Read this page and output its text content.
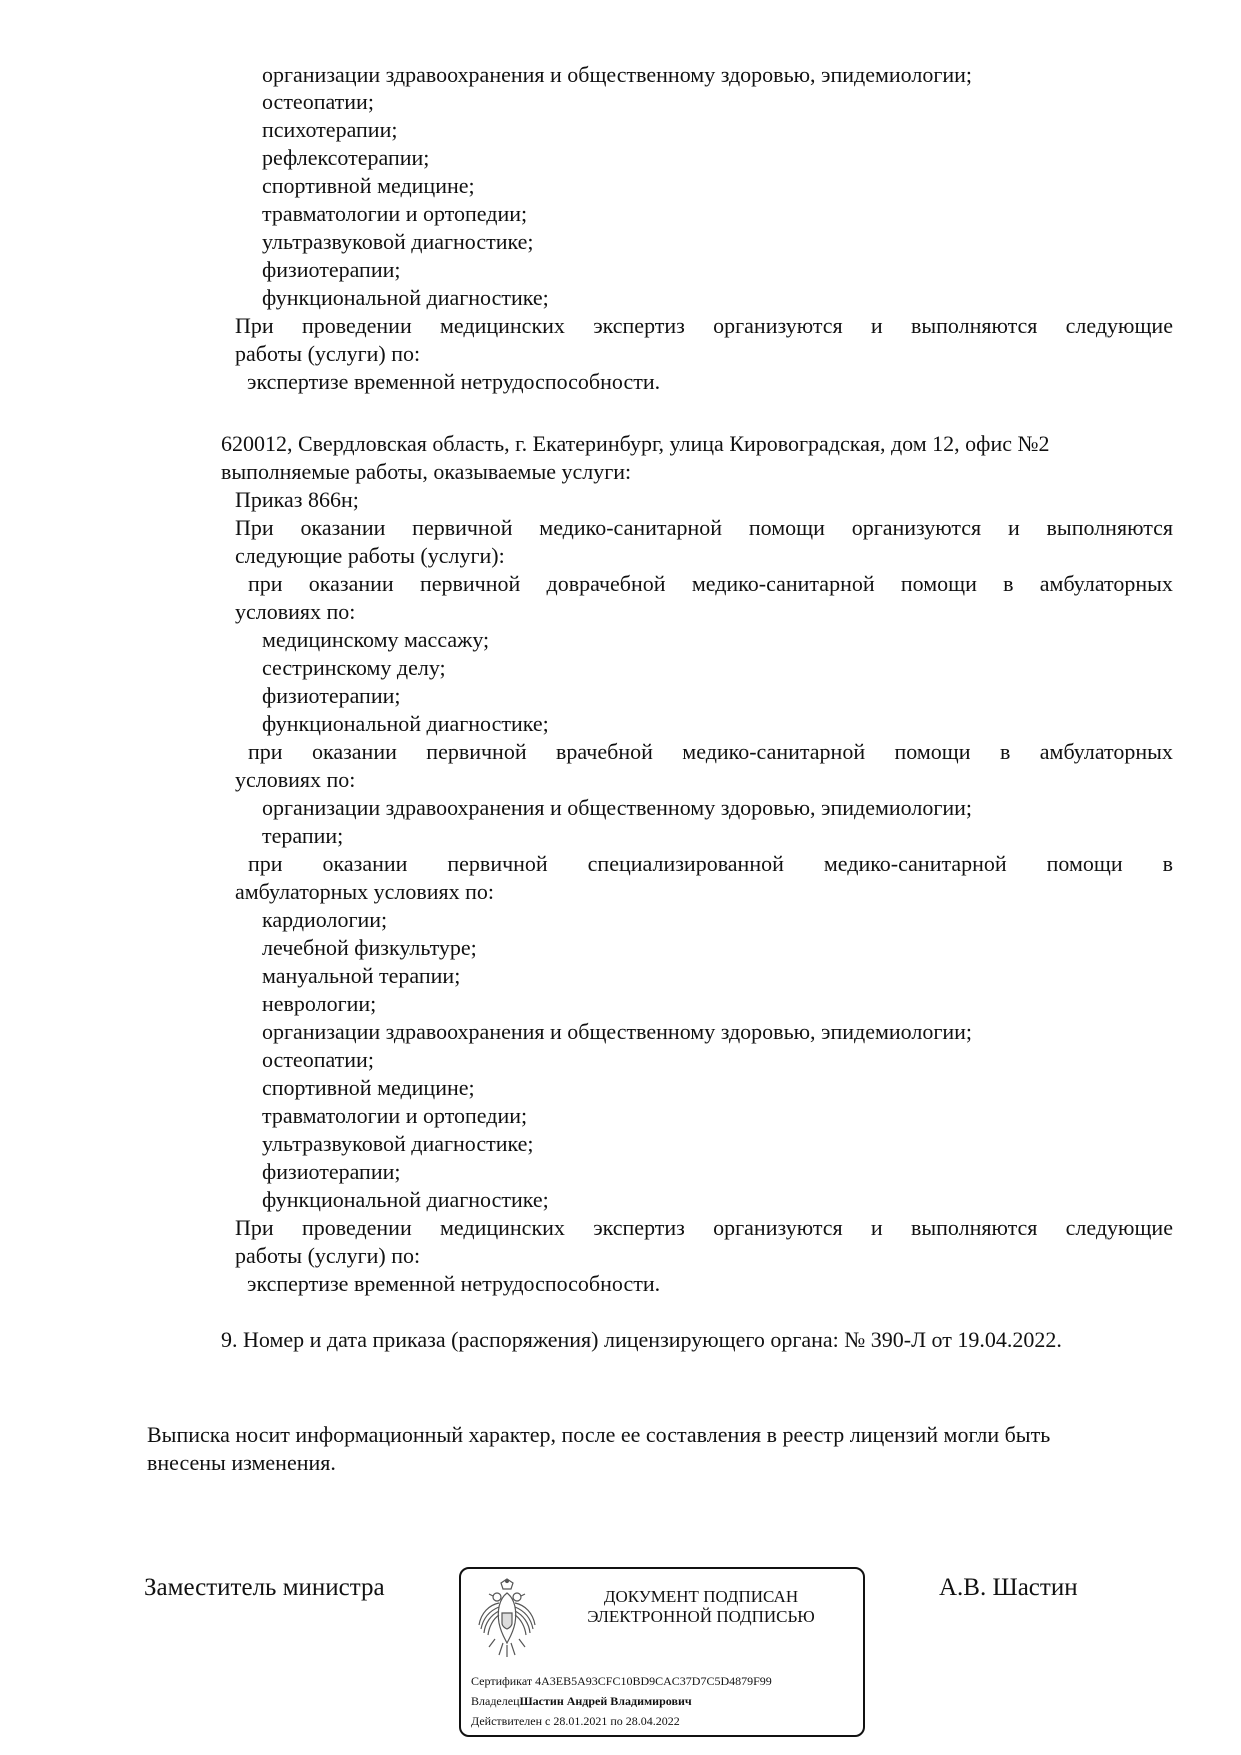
организации здравоохранения и общественному здоровью, эпидемиологии;
остеопатии;
психотерапии;
рефлексотерапии;
спортивной медицине;
травматологии и ортопедии;
ультразвуковой диагностике;
физиотерапии;
функциональной диагностике;
При проведении медицинских экспертиз организуются и выполняются следующие
работы (услуги) по:
экспертизе временной нетрудоспособности.
620012, Свердловская область, г. Екатеринбург, улица Кировоградская, дом 12, офис №2
выполняемые работы, оказываемые услуги:
Приказ 866н;
При оказании первичной медико-санитарной помощи организуются и выполняются
следующие работы (услуги):
при оказании первичной доврачебной медико-санитарной помощи в амбулаторных
условиях по:
медицинскому массажу;
сестринскому делу;
физиотерапии;
функциональной диагностике;
при оказании первичной врачебной медико-санитарной помощи в амбулаторных
условиях по:
организации здравоохранения и общественному здоровью, эпидемиологии;
терапии;
при оказании первичной специализированной медико-санитарной помощи в
амбулаторных условиях по:
кардиологии;
лечебной физкультуре;
мануальной терапии;
неврологии;
организации здравоохранения и общественному здоровью, эпидемиологии;
остеопатии;
спортивной медицине;
травматологии и ортопедии;
ультразвуковой диагностике;
физиотерапии;
функциональной диагностике;
При проведении медицинских экспертиз организуются и выполняются следующие
работы (услуги) по:
экспертизе временной нетрудоспособности.
9. Номер и дата приказа (распоряжения) лицензирующего органа: № 390-Л от 19.04.2022.
Выписка носит информационный характер, после ее составления в реестр лицензий могли быть
внесены изменения.
Заместитель министра	А.В. Шастин
ДОКУМЕНТ ПОДПИСАН
ЭЛЕКТРОННОЙ ПОДПИСЬЮ
Сертификат 4A3EB5A93CFC10BD9CAC37D7C5D4879F99
ВладелецШастин Андрей Владимирович
Действителен с 28.01.2021 по 28.04.2022
